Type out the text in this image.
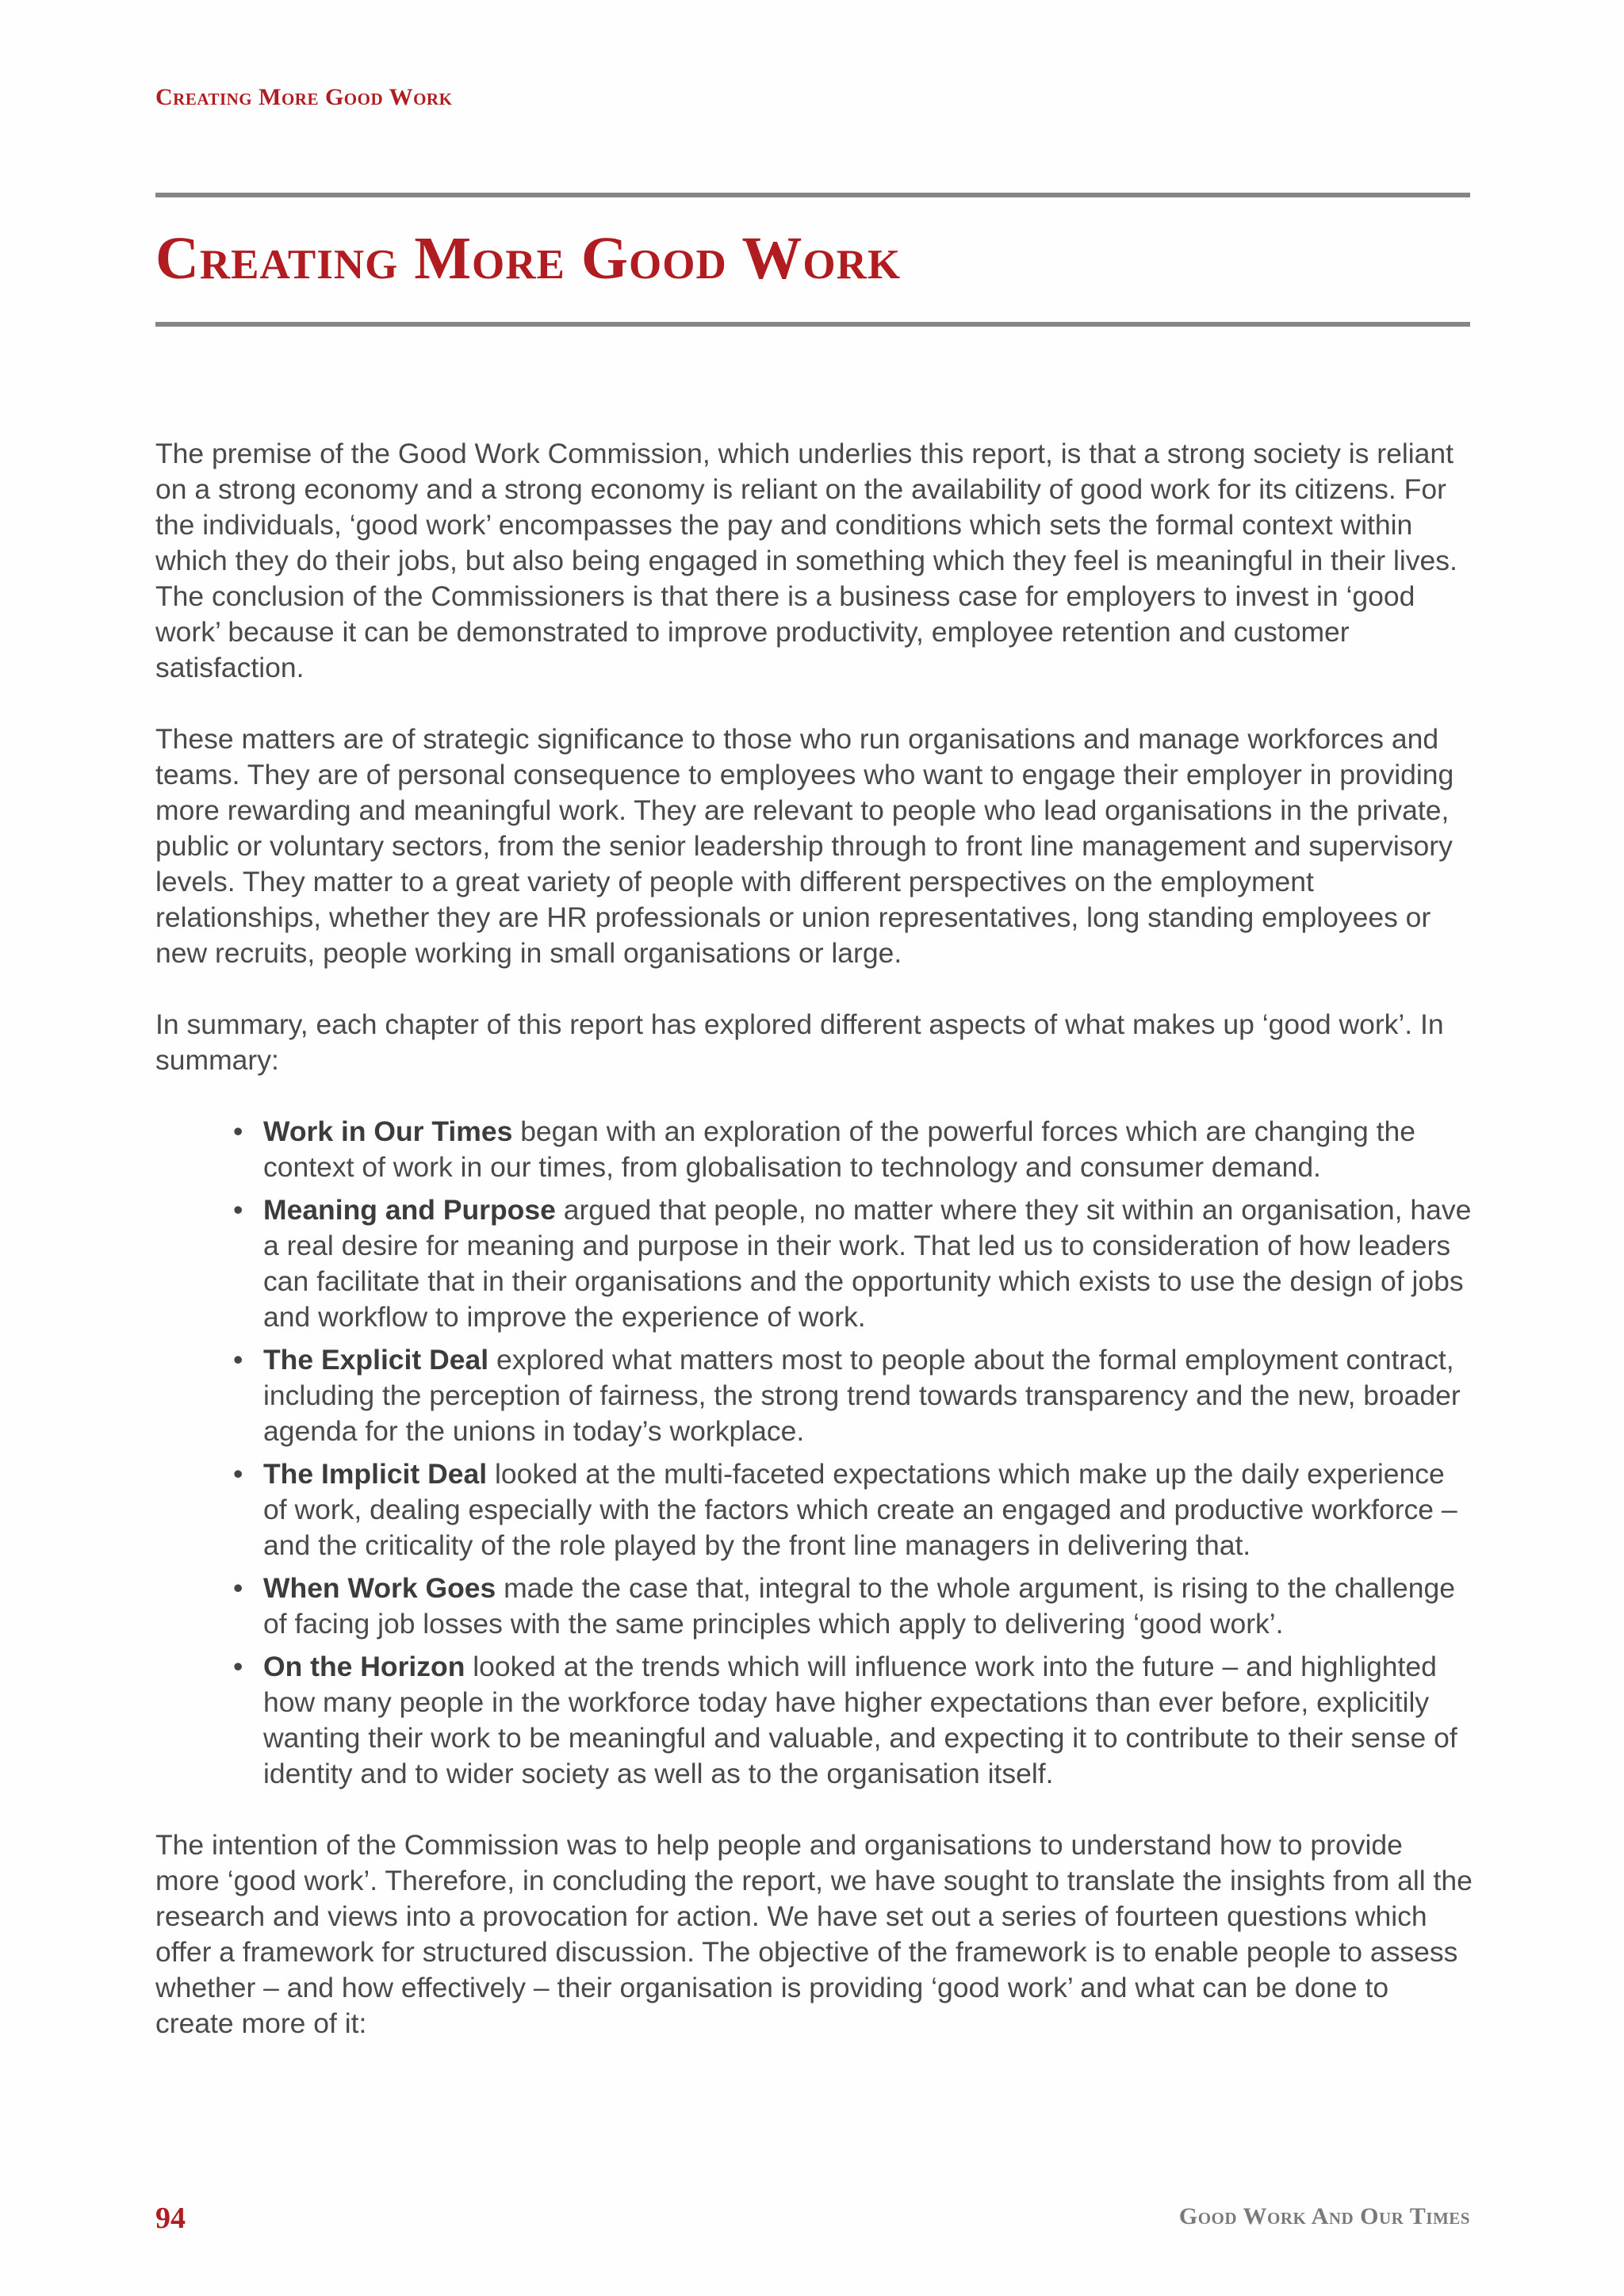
Creating More Good Work
Creating More Good Work

The premise of the Good Work Commission, which underlies this report, is that a strong society is reliant on a strong economy and a strong economy is reliant on the availability of good work for its citizens. For the individuals, ‘good work’ encompasses the pay and conditions which sets the formal context within which they do their jobs, but also being engaged in something which they feel is meaningful in their lives. The conclusion of the Commissioners is that there is a business case for employers to invest in ‘good work’ because it can be demonstrated to improve productivity, employee retention and customer satisfaction.

These matters are of strategic significance to those who run organisations and manage workforces and teams. They are of personal consequence to employees who want to engage their employer in providing more rewarding and meaningful work. They are relevant to people who lead organisations in the private, public or voluntary sectors, from the senior leadership through to front line management and supervisory levels. They matter to a great variety of people with different perspectives on the employment relationships, whether they are HR professionals or union representatives, long standing employees or new recruits, people working in small organisations or large.

In summary, each chapter of this report has explored different aspects of what makes up ‘good work’. In summary:

• Work in Our Times began with an exploration of the powerful forces which are changing the context of work in our times, from globalisation to technology and consumer demand.
• Meaning and Purpose argued that people, no matter where they sit within an organisation, have a real desire for meaning and purpose in their work. That led us to consideration of how leaders can facilitate that in their organisations and the opportunity which exists to use the design of jobs and workflow to improve the experience of work.
• The Explicit Deal explored what matters most to people about the formal employment contract, including the perception of fairness, the strong trend towards transparency and the new, broader agenda for the unions in today’s workplace.
• The Implicit Deal looked at the multi-faceted expectations which make up the daily experience of work, dealing especially with the factors which create an engaged and productive workforce – and the criticality of the role played by the front line managers in delivering that.
• When Work Goes made the case that, integral to the whole argument, is rising to the challenge of facing job losses with the same principles which apply to delivering ‘good work’.
• On the Horizon looked at the trends which will influence work into the future – and highlighted how many people in the workforce today have higher expectations than ever before, explicitily wanting their work to be meaningful and valuable, and expecting it to contribute to their sense of identity and to wider society as well as to the organisation itself.

The intention of the Commission was to help people and organisations to understand how to provide more ‘good work’. Therefore, in concluding the report, we have sought to translate the insights from all the research and views into a provocation for action. We have set out a series of fourteen questions which offer a framework for structured discussion. The objective of the framework is to enable people to assess whether – and how effectively – their organisation is providing ‘good work’ and what can be done to create more of it:

94	Good Work And Our Times
